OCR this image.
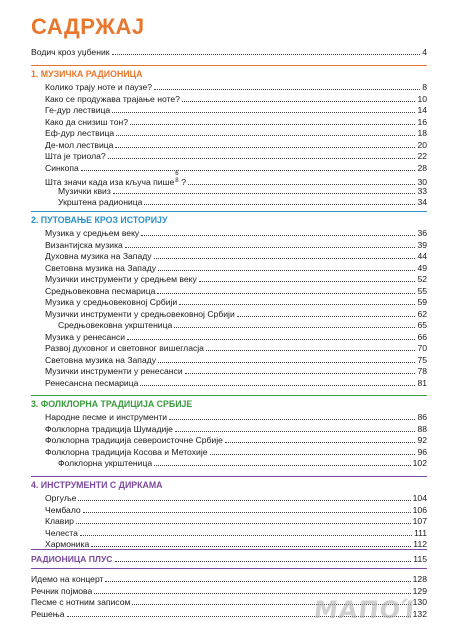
САДРЖАЈ
Водич кроз уџбеник	4
1. МУЗИЧКА РАДИОНИЦА
Колико трају ноте и паузе?	8
Како се продужава трајање ноте?	10
Ге-дур лествица	14
Како да снизиш тон?	16
Еф-дур лествица	18
Де-мол лествица	20
Шта је триола?	22
Синкопа	28
Шта значи када иза кључа пише
6
8 ?	30
Музички квиз	33
Укрштена радионица	34
2. ПУТОВАЊЕ КРОЗ ИСТОРИЈУ
Музика у средњем веку	36
Византијска музика	39
Духовна музика на Западу	44
Световна музика на Западу	49
Музички инструменти у средњем веку	52
Средњовековна песмарица	55
Музика у средњовековној Србији	59
Музички инструменти у средњовековној Србији	62
Средњовековна укрштеница	65
Музика у ренесанси	66
Развој духовног и световног вишегласја	70
Световна музика на Западу	75
Музички инструменти у ренесанси	78
Ренесансна песмарица	81
3. ФОЛКЛОРНА ТРАДИЦИЈА СРБИЈЕ
Народне песме и инструменти	86
Фолклорна традиција Шумадије	88
Фолклорна традиција североисточне Србије	92
Фолклорна традиција Косова и Метохије	96
Фолклорна укрштеница	102
4. ИНСТРУМЕНТИ С ДИРКАМА
Оргуље	104
Чембало	106
Клавир	107
Челеста	111
Хармоника	112
РАДИОНИЦА ПЛУС	115
Идемо на концерт	128
Речник појмова	129
Песме с нотним записом	130
Решења	132
ΜΑΠΟΊ
